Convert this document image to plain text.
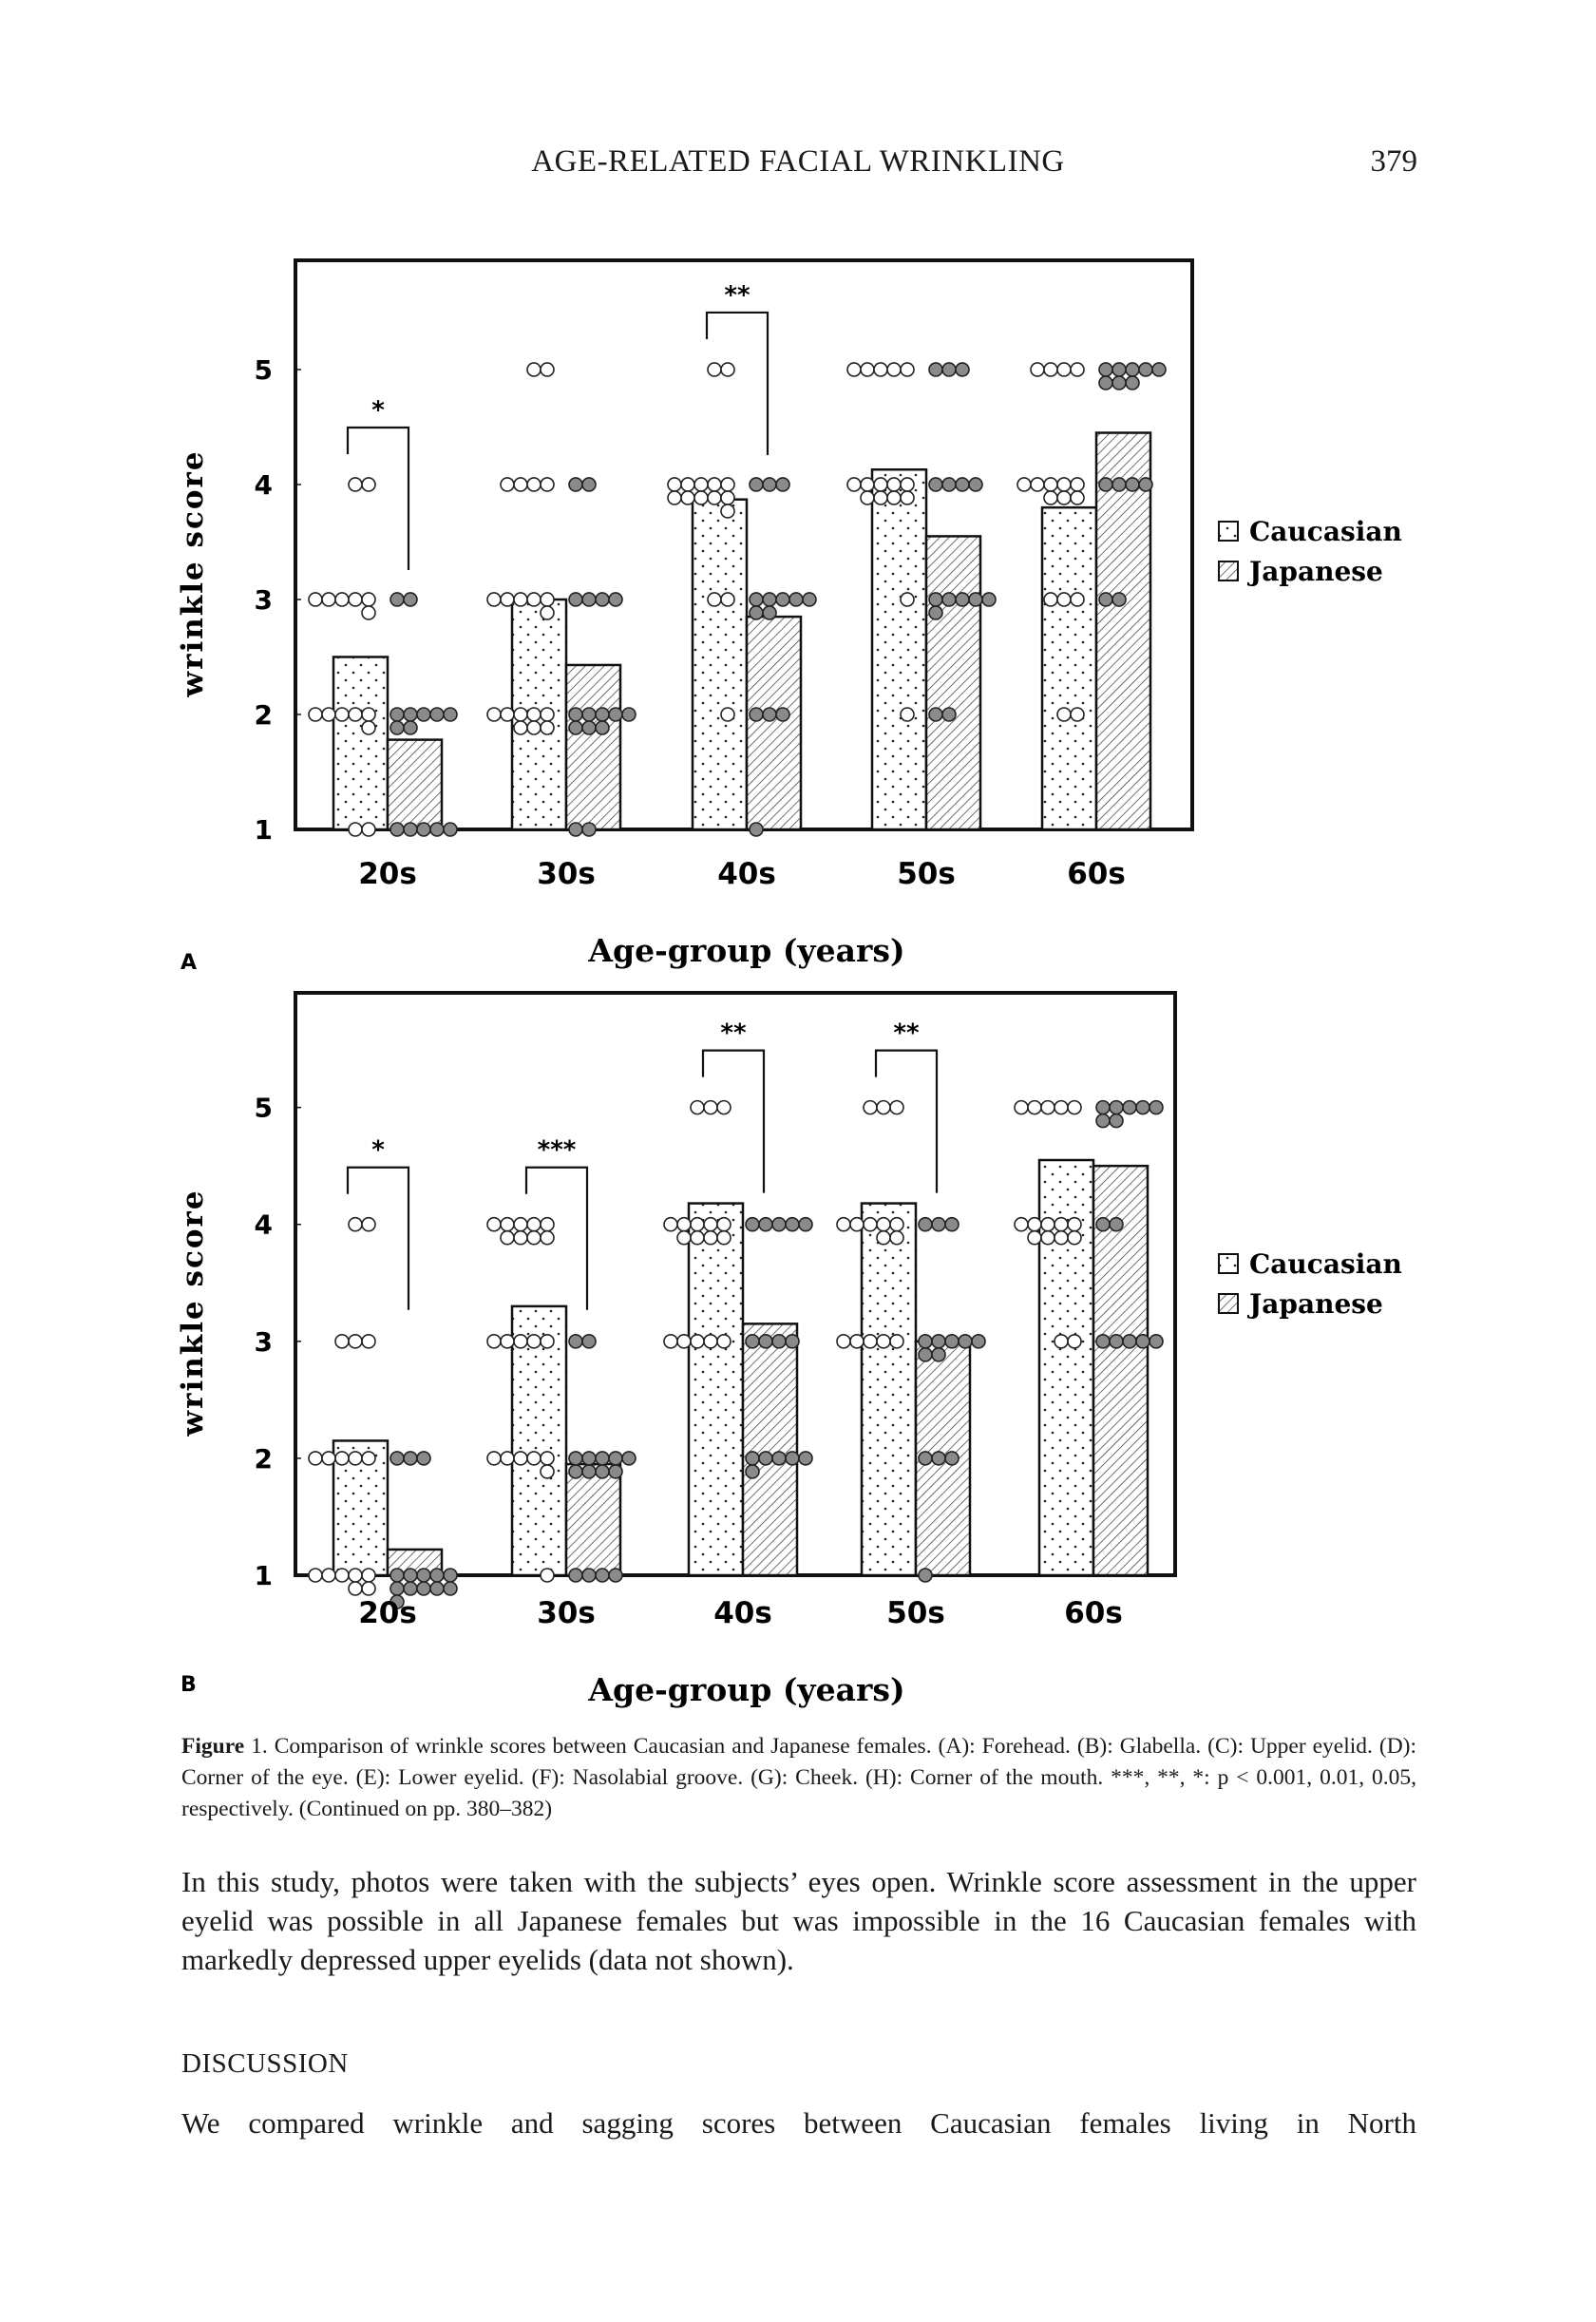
AGE-RELATED FACIAL WRINKLING	379
1
2
3
4
5
wrinkle score
*
20s	30s
**
40s	50s	60s
Age-group (years)
A
Caucasian
Japanese
1
2
3
4
5
wrinkle score
*
20s
***
30s
**
40s
**
50s	60s
Age-group (years)
B
Caucasian
Japanese
Figure 1. Comparison of wrinkle scores between Caucasian and Japanese females. (A): Forehead. (B): Glabella. (C): Upper eyelid. (D): Corner of the eye. (E): Lower eyelid. (F): Nasolabial groove. (G): Cheek. (H): Corner of the mouth. ***, **, *: p < 0.001, 0.01, 0.05, respectively. (Continued on pp. 380–382)
In this study, photos were taken with the subjects’ eyes open. Wrinkle score assessment in the upper eyelid was possible in all Japanese females but was impossible in the 16 Caucasian females with markedly depressed upper eyelids (data not shown).
DISCUSSION
We compared wrinkle and sagging scores between Caucasian females living in North
